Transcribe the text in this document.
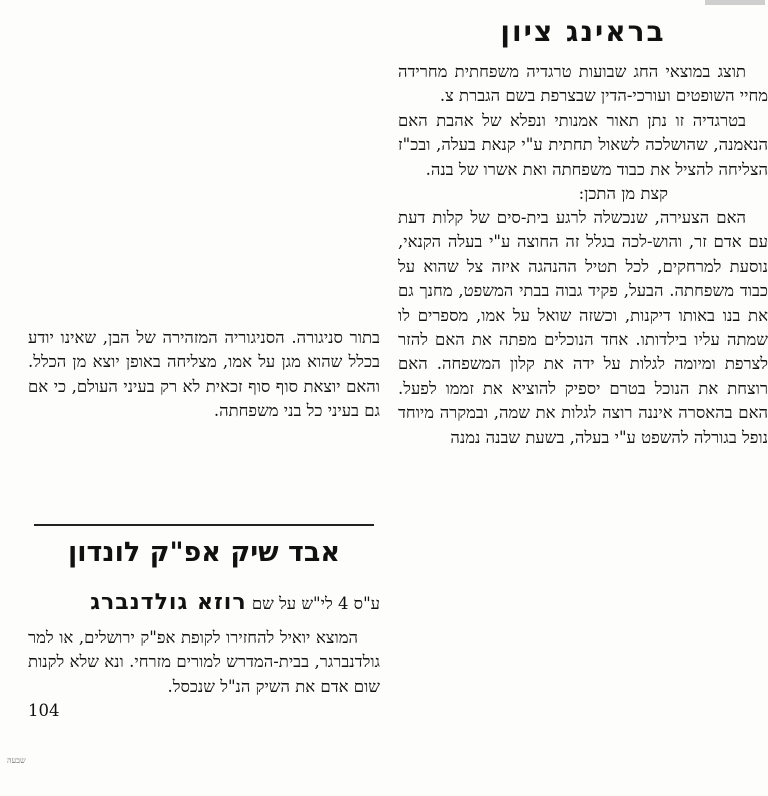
בראינג ציון

תוצג במוצאי החג שבועות טרגדיה משפחתית מחרידה מחיי השופטים ועורכי-הדין שבצרפת בשם הגברת צ.

בטרגדיה זו נתן תאור אמנותי ונפלא של אהבת האם הנאמנה, שהושלכה לשאול תחתית ע"י קנאת בעלה, ובכ"ז הצליחה להציל את כבוד משפחתה ואת אשרו של בנה.

קצת מן התכן:

האם הצעירה, שנכשלה לרגע בית-סים של קלות דעת עם אדם זר, והוש-לכה בגלל זה החוצה ע"י בעלה הקנאי, נוסעת למרחקים, לכל תטיל ההנהגה איזה צל שהוא על כבוד משפחתה. הבעל, פקיד גבוה בבתי המשפט, מחנך גם את בנו באותו דיקנות, וכשזה שואל על אמו, מספרים לו שמתה עליו בילדותו. אחד הנוכלים מפתה את האם להזר לצרפת ומיומה לגלות על ידה את קלון המשפחה. האם רוצחת את הנוכל בטרם יספיק להוציא את זממו לפעל. האם בהאסרה איננה רוצה לגלות את שמה, ובמקרה מיוחד נופל בגורלה להשפט ע"י בעלה, בשעת שבנה נמנה

בתור סניגורה. הסניגוריה המזהירה של הבן, שאינו יודע בכלל שהוא מגן על אמו, מצליחה באופן יוצא מן הכלל. והאם יוצאת סוף סוף זכאית לא רק בעיני העולם, כי אם גם בעיני כל בני משפחתה.

אבד שיק אפ"ק לונדון
ע"ס 4 לי"ש על שם רוזא גולדנברג

המוצא יואיל להחזירו לקופת אפ"ק ירושלים, או למר גולדנברגר, בבית-המדרש למורים מזרחי. ונא שלא לקנות שום אדם את השיק הנ"ל שנכסל.

104

שבעה
